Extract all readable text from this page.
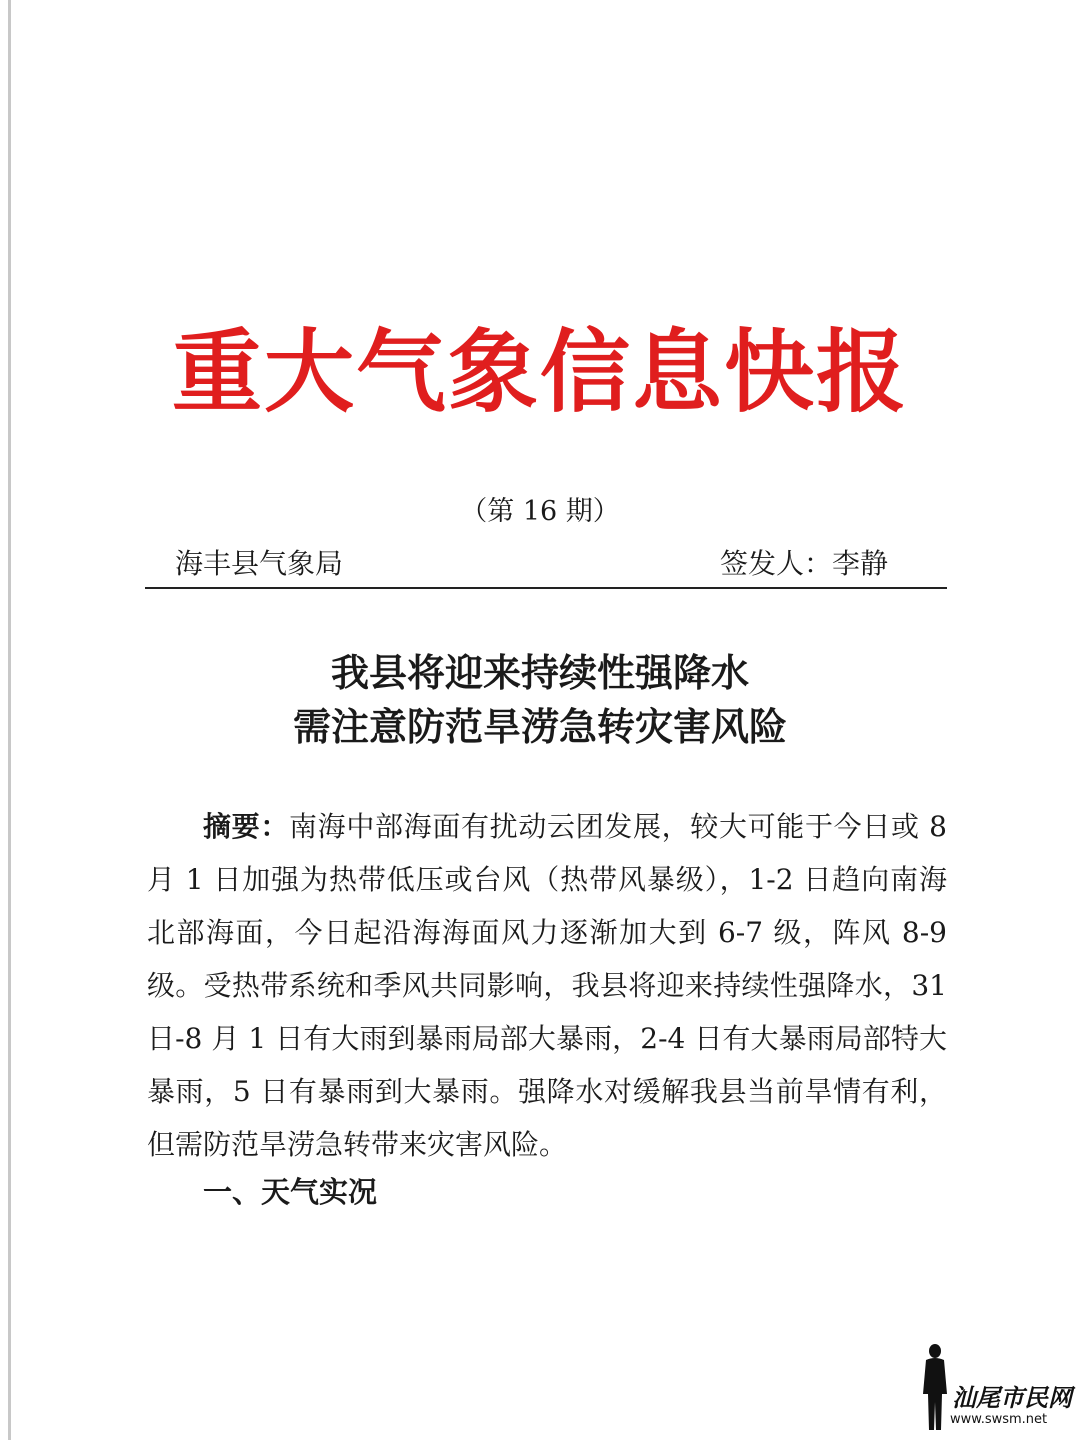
重大气象信息快报
（第 16 期）
海丰县气象局	签发人：李静
我县将迎来持续性强降水
需注意防范旱涝急转灾害风险
摘要：南海中部海面有扰动云团发展，较大可能于今日或 8 月 1 日加强为热带低压或台风（热带风暴级），1-2 日趋向南海北部海面，今日起沿海海面风力逐渐加大到 6-7 级，阵风 8-9 级。受热带系统和季风共同影响，我县将迎来持续性强降水，31 日-8 月 1 日有大雨到暴雨局部大暴雨，2-4 日有大暴雨局部特大暴雨，5 日有暴雨到大暴雨。强降水对缓解我县当前旱情有利，但需防范旱涝急转带来灾害风险。
一、天气实况
汕尾市民网
www.swsm.net
